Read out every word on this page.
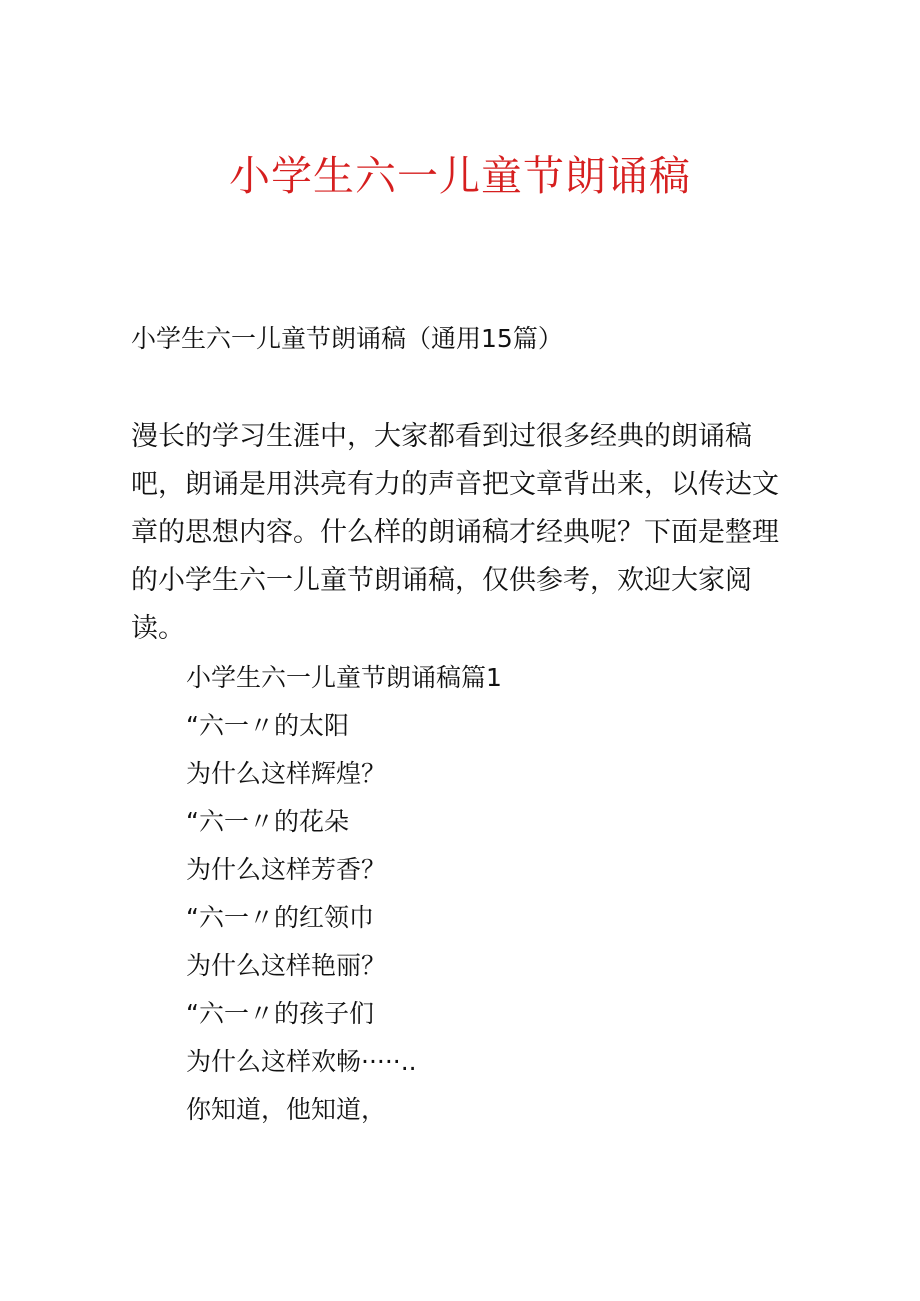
小学生六一儿童节朗诵稿
小学生六一儿童节朗诵稿（通用15篇）

漫长的学习生涯中，大家都看到过很多经典的朗诵稿吧，朗诵是用洪亮有力的声音把文章背出来，以传达文章的思想内容。什么样的朗诵稿才经典呢？下面是整理的小学生六一儿童节朗诵稿，仅供参考，欢迎大家阅读。

小学生六一儿童节朗诵稿篇1
“六一〃的太阳
为什么这样辉煌？
“六一〃的花朵
为什么这样芳香？
“六一〃的红领巾
为什么这样艳丽？
“六一〃的孩子们
为什么这样欢畅·····..
你知道，他知道，
